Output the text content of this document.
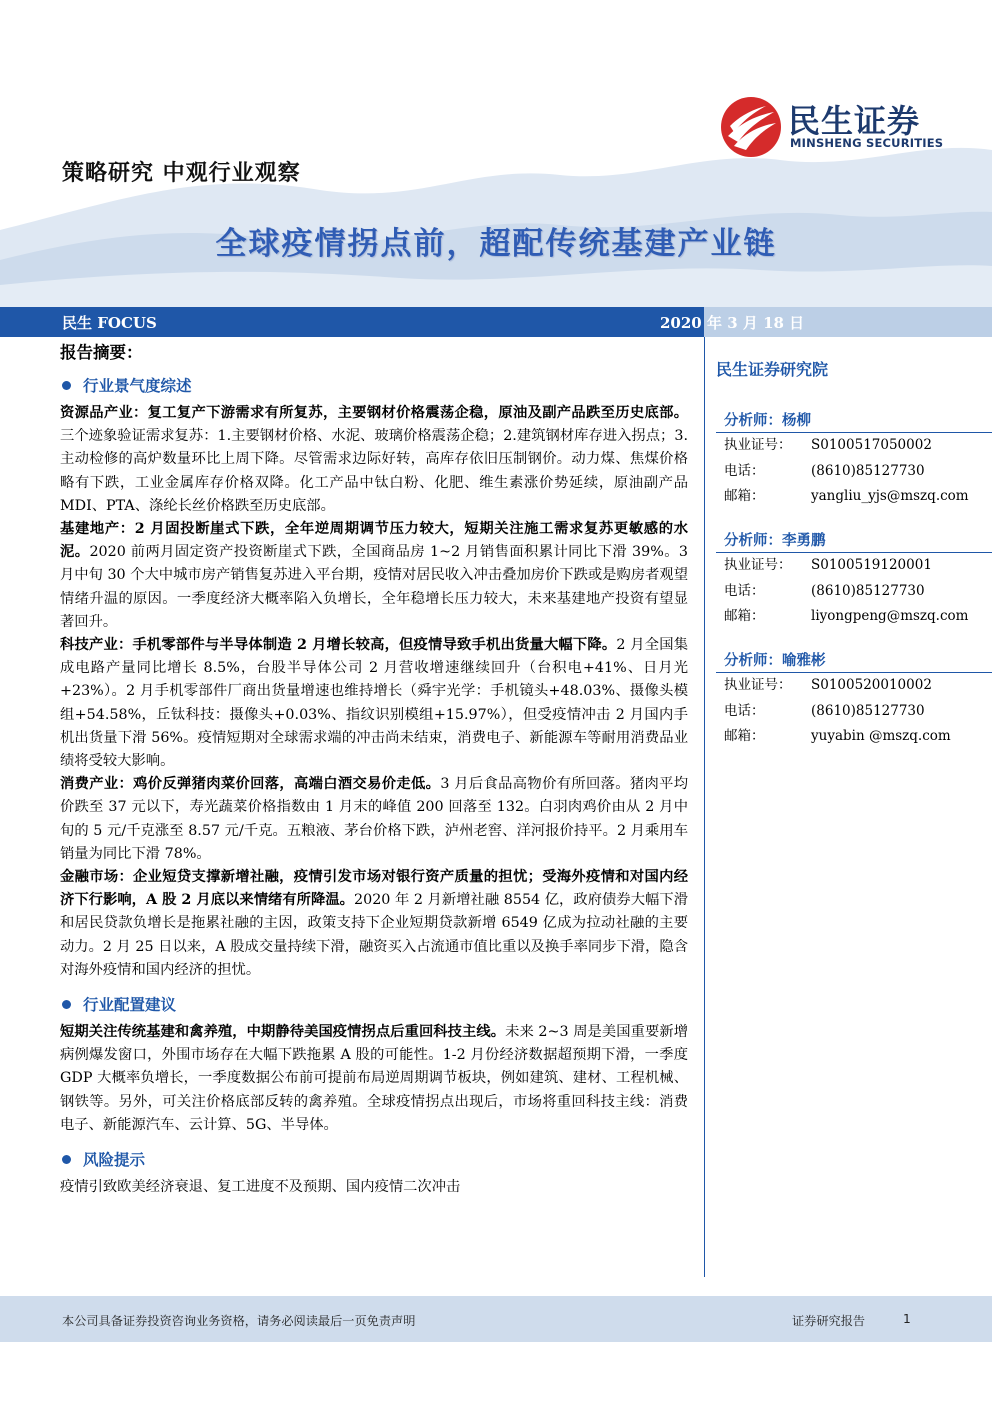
民生证券
MINSHENG SECURITIES
策略研究 中观行业观察
全球疫情拐点前，超配传统基建产业链
民生 FOCUS	2020 年 3 月 18 日
报告摘要：
行业景气度综述

资源品产业：复工复产下游需求有所复苏，主要钢材价格震荡企稳，原油及副产品跌至历史底部。三个迹象验证需求复苏：1.主要钢材价格、水泥、玻璃价格震荡企稳；2.建筑钢材库存进入拐点；3.主动检修的高炉数量环比上周下降。尽管需求边际好转，高库存依旧压制钢价。动力煤、焦煤价格略有下跌，工业金属库存价格双降。化工产品中钛白粉、化肥、维生素涨价势延续，原油副产品 MDI、PTA、涤纶长丝价格跌至历史底部。

基建地产：2 月固投断崖式下跌，全年逆周期调节压力较大，短期关注施工需求复苏更敏感的水泥。2020 前两月固定资产投资断崖式下跌，全国商品房 1~2 月销售面积累计同比下滑 39%。3 月中旬 30 个大中城市房产销售复苏进入平台期，疫情对居民收入冲击叠加房价下跌或是购房者观望情绪升温的原因。一季度经济大概率陷入负增长，全年稳增长压力较大，未来基建地产投资有望显著回升。

科技产业：手机零部件与半导体制造 2 月增长较高，但疫情导致手机出货量大幅下降。2 月全国集成电路产量同比增长 8.5%，台股半导体公司 2 月营收增速继续回升（台积电+41%、日月光+23%）。2 月手机零部件厂商出货量增速也维持增长（舜宇光学：手机镜头+48.03%、摄像头模组+54.58%，丘钛科技：摄像头+0.03%、指纹识别模组+15.97%），但受疫情冲击 2 月国内手机出货量下滑 56%。疫情短期对全球需求端的冲击尚未结束，消费电子、新能源车等耐用消费品业绩将受较大影响。

消费产业：鸡价反弹猪肉菜价回落，高端白酒交易价走低。3 月后食品高物价有所回落。猪肉平均价跌至 37 元以下，寿光蔬菜价格指数由 1 月末的峰值 200 回落至 132。白羽肉鸡价由从 2 月中旬的 5 元/千克涨至 8.57 元/千克。五粮液、茅台价格下跌，泸州老窖、洋河报价持平。2 月乘用车销量为同比下滑 78%。

金融市场：企业短贷支撑新增社融，疫情引发市场对银行资产质量的担忧；受海外疫情和对国内经济下行影响，A 股 2 月底以来情绪有所降温。2020 年 2 月新增社融 8554 亿，政府债券大幅下滑和居民贷款负增长是拖累社融的主因，政策支持下企业短期贷款新增 6549 亿成为拉动社融的主要动力。2 月 25 日以来，A 股成交量持续下滑，融资买入占流通市值比重以及换手率同步下滑，隐含对海外疫情和国内经济的担忧。

行业配置建议

短期关注传统基建和禽养殖，中期静待美国疫情拐点后重回科技主线。未来 2~3 周是美国重要新增病例爆发窗口，外围市场存在大幅下跌拖累 A 股的可能性。1-2 月份经济数据超预期下滑，一季度 GDP 大概率负增长，一季度数据公布前可提前布局逆周期调节板块，例如建筑、建材、工程机械、钢铁等。另外，可关注价格底部反转的禽养殖。全球疫情拐点出现后，市场将重回科技主线：消费电子、新能源汽车、云计算、5G、半导体。

风险提示

疫情引致欧美经济衰退、复工进度不及预期、国内疫情二次冲击

民生证券研究院
分析师：杨柳
执业证号：	S0100517050002
电话：	(8610)85127730
邮箱：	yangliu_yjs@mszq.com
分析师：李勇鹏
执业证号：	S0100519120001
电话：	(8610)85127730
邮箱：	liyongpeng@mszq.com
分析师：喻雅彬
执业证号：	S0100520010002
电话：	(8610)85127730
邮箱：	yuyabin @mszq.com
本公司具备证券投资咨询业务资格，请务必阅读最后一页免责声明	证券研究报告	1
